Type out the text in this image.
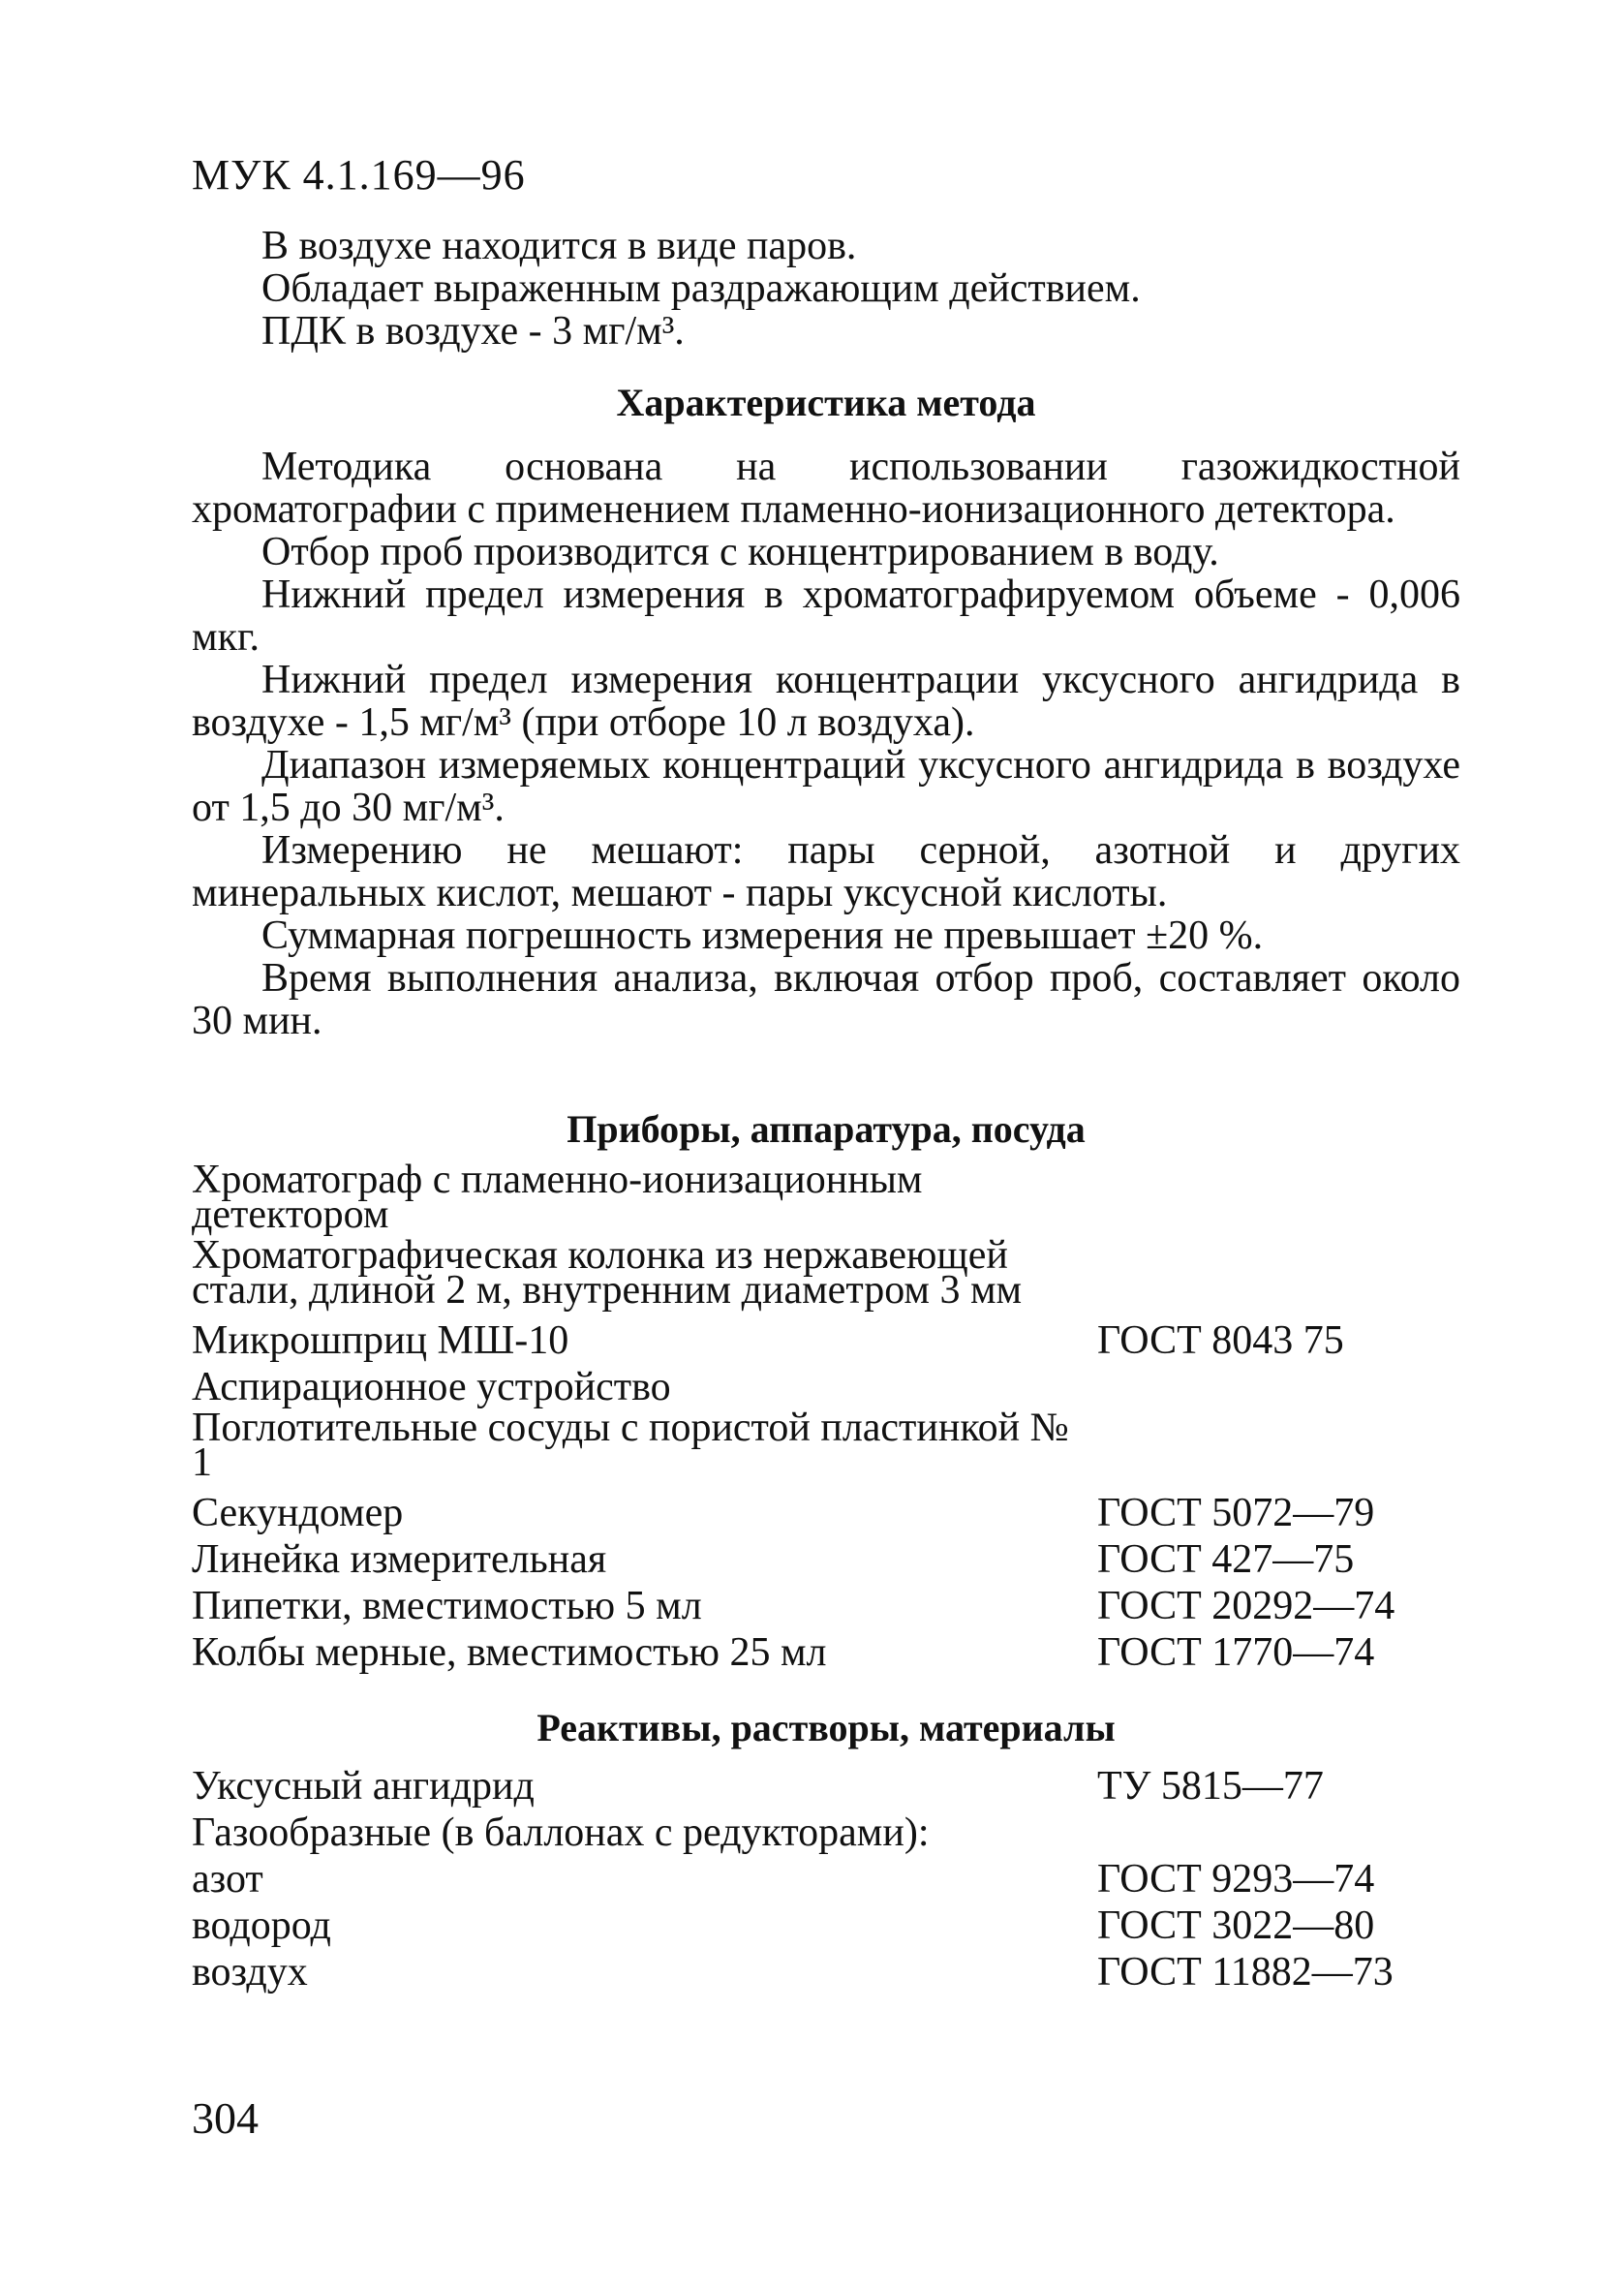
МУК 4.1.169—96
В воздухе находится в виде паров.
Обладает выраженным раздражающим действием.
ПДК в воздухе - 3 мг/м³.
Характеристика метода

Методика основана на использовании газожидкостной хроматографии с применением пламенно-ионизационного детектора.

Отбор проб производится с концентрированием в воду.

Нижний предел измерения в хроматографируемом объеме - 0,006 мкг.

Нижний предел измерения концентрации уксусного ангидрида в воздухе - 1,5 мг/м³ (при отборе 10 л воздуха).

Диапазон измеряемых концентраций уксусного ангидрида в воздухе от 1,5 до 30 мг/м³.

Измерению не мешают: пары серной, азотной и других минеральных кислот, мешают - пары уксусной кислоты.

Суммарная погрешность измерения не превышает ±20 %.

Время выполнения анализа, включая отбор проб, составляет около 30 мин.

Приборы, аппаратура, посуда
Хроматограф с пламенно-ионизационным детектором
Хроматографическая колонка из нержавеющей стали, длиной 2 м, внутренним диаметром 3 мм
Микрошприц МШ-10	ГОСТ 8043 75
Аспирационное устройство
Поглотительные сосуды с пористой пластинкой № 1
Секундомер	ГОСТ 5072—79
Линейка измерительная	ГОСТ 427—75
Пипетки, вместимостью 5 мл	ГОСТ 20292—74
Колбы мерные, вместимостью 25 мл	ГОСТ 1770—74
Реактивы, растворы, материалы
Уксусный ангидрид	ТУ 5815—77
Газообразные (в баллонах с редукторами):
азот	ГОСТ 9293—74
водород	ГОСТ 3022—80
воздух	ГОСТ 11882—73
304
